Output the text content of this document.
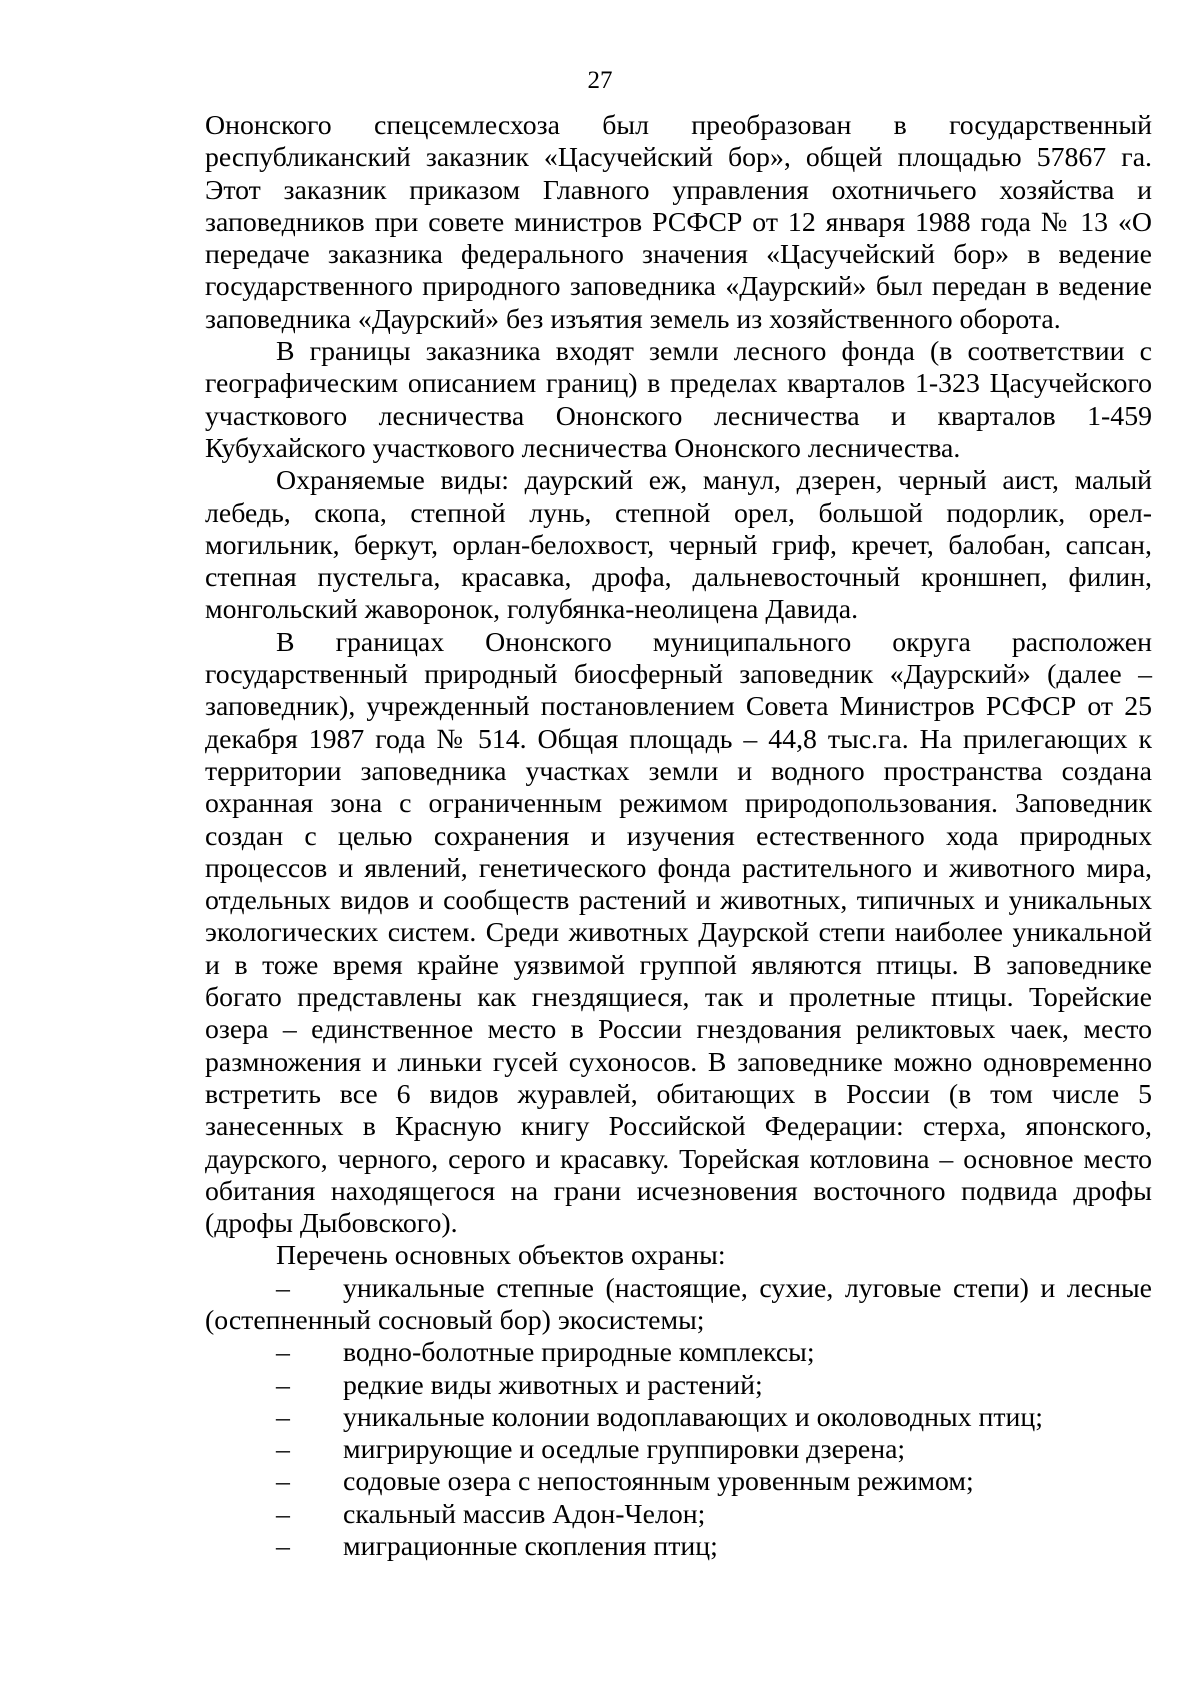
27

Ононского спецсемлесхоза был преобразован в государственный республиканский заказник «Цасучейский бор», общей площадью 57867 га. Этот заказник приказом Главного управления охотничьего хозяйства и заповедников при совете министров РСФСР от 12 января 1988 года № 13 «О передаче заказника федерального значения «Цасучейский бор» в ведение государственного природного заповедника «Даурский» был передан в ведение заповедника «Даурский» без изъятия земель из хозяйственного оборота.

В границы заказника входят земли лесного фонда (в соответствии с географическим описанием границ) в пределах кварталов 1-323 Цасучейского участкового лесничества Ононского лесничества и кварталов 1-459 Кубухайского участкового лесничества Ононского лесничества.

Охраняемые виды: даурский еж, манул, дзерен, черный аист, малый лебедь, скопа, степной лунь, степной орел, большой подорлик, орел-могильник, беркут, орлан-белохвост, черный гриф, кречет, балобан, сапсан, степная пустельга, красавка, дрофа, дальневосточный кроншнеп, филин, монгольский жаворонок, голубянка-неолицена Давида.

В границах Ононского муниципального округа расположен государственный природный биосферный заповедник «Даурский» (далее – заповедник), учрежденный постановлением Совета Министров РСФСР от 25 декабря 1987 года № 514. Общая площадь – 44,8 тыс.га. На прилегающих к территории заповедника участках земли и водного пространства создана охранная зона с ограниченным режимом природопользования. Заповедник создан с целью сохранения и изучения естественного хода природных процессов и явлений, генетического фонда растительного и животного мира, отдельных видов и сообществ растений и животных, типичных и уникальных экологических систем. Среди животных Даурской степи наиболее уникальной и в тоже время крайне уязвимой группой являются птицы. В заповеднике богато представлены как гнездящиеся, так и пролетные птицы. Торейские озера – единственное место в России гнездования реликтовых чаек, место размножения и линьки гусей сухоносов. В заповеднике можно одновременно встретить все 6 видов журавлей, обитающих в России (в том числе 5 занесенных в Красную книгу Российской Федерации: стерха, японского, даурского, черного, серого и красавку. Торейская котловина – основное место обитания находящегося на грани исчезновения восточного подвида дрофы (дрофы Дыбовского).

Перечень основных объектов охраны:

– уникальные степные (настоящие, сухие, луговые степи) и лесные (остепненный сосновый бор) экосистемы;
– водно-болотные природные комплексы;
– редкие виды животных и растений;
– уникальные колонии водоплавающих и околоводных птиц;
– мигрирующие и оседлые группировки дзерена;
– содовые озера с непостоянным уровенным режимом;
– скальный массив Адон-Челон;
– миграционные скопления птиц;
